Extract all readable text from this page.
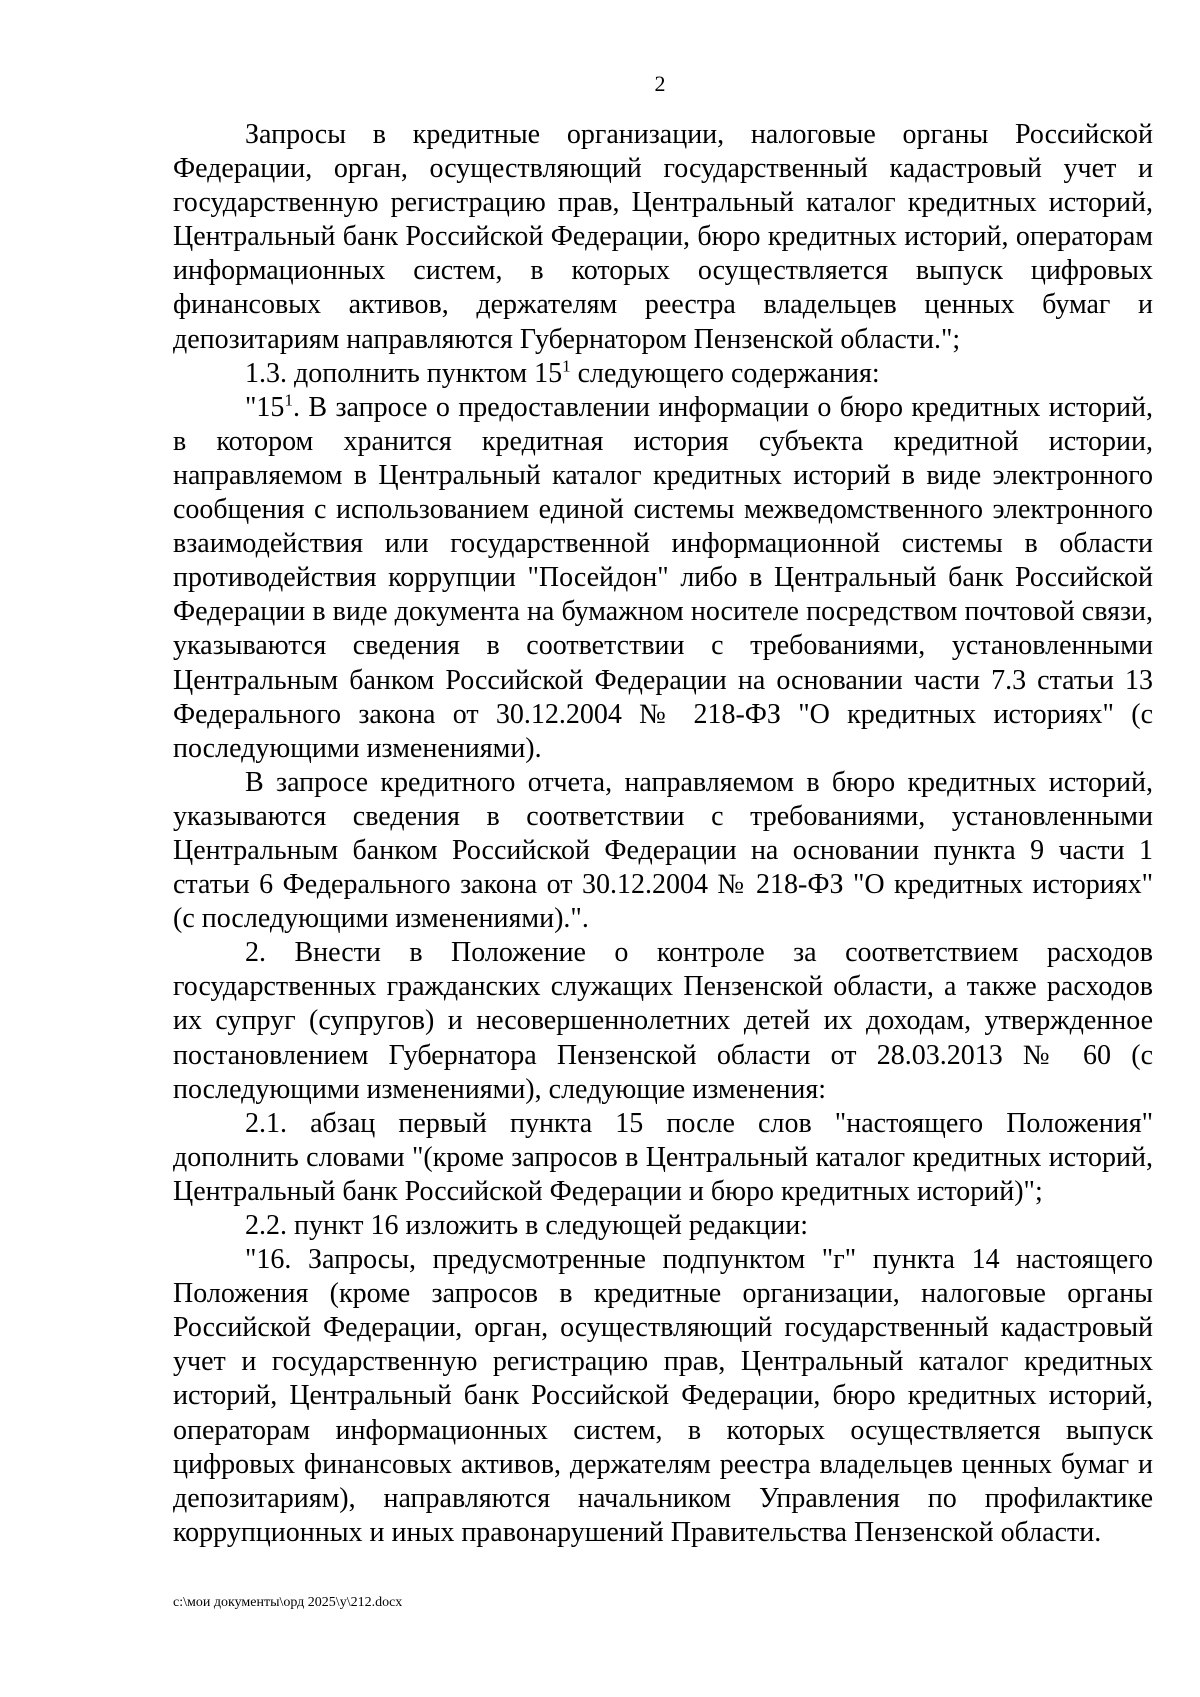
2

Запросы в кредитные организации, налоговые органы Российской Федерации, орган, осуществляющий государственный кадастровый учет и государственную регистрацию прав, Центральный каталог кредитных историй, Центральный банк Российской Федерации, бюро кредитных историй, операторам информационных систем, в которых осуществляется выпуск цифровых финансовых активов, держателям реестра владельцев ценных бумаг и депозитариям направляются Губернатором Пензенской области.";

1.3. дополнить пунктом $15^1$ следующего содержания:

"$15^1$. В запросе о предоставлении информации о бюро кредитных историй, в котором хранится кредитная история субъекта кредитной истории, направляемом в Центральный каталог кредитных историй в виде электронного сообщения с использованием единой системы межведомственного электронного взаимодействия или государственной информационной системы в области противодействия коррупции "Посейдон" либо в Центральный банк Российской Федерации в виде документа на бумажном носителе посредством почтовой связи, указываются сведения в соответствии с требованиями, установленными Центральным банком Российской Федерации на основании части 7.3 статьи 13 Федерального закона от 30.12.2004 № 218-ФЗ "О кредитных историях" (с последующими изменениями).

В запросе кредитного отчета, направляемом в бюро кредитных историй, указываются сведения в соответствии с требованиями, установленными Центральным банком Российской Федерации на основании пункта 9 части 1 статьи 6 Федерального закона от 30.12.2004 № 218-ФЗ "О кредитных историях" (с последующими изменениями).".

2. Внести в Положение о контроле за соответствием расходов государственных гражданских служащих Пензенской области, а также расходов их супруг (супругов) и несовершеннолетних детей их доходам, утвержденное постановлением Губернатора Пензенской области от 28.03.2013 № 60 (с последующими изменениями), следующие изменения:

2.1. абзац первый пункта 15 после слов "настоящего Положения" дополнить словами "(кроме запросов в Центральный каталог кредитных историй, Центральный банк Российской Федерации и бюро кредитных историй)";

2.2. пункт 16 изложить в следующей редакции:

"16. Запросы, предусмотренные подпунктом "г" пункта 14 настоящего Положения (кроме запросов в кредитные организации, налоговые органы Российской Федерации, орган, осуществляющий государственный кадастровый учет и государственную регистрацию прав, Центральный каталог кредитных историй, Центральный банк Российской Федерации, бюро кредитных историй, операторам информационных систем, в которых осуществляется выпуск цифровых финансовых активов, держателям реестра владельцев ценных бумаг и депозитариям), направляются начальником Управления по профилактике коррупционных и иных правонарушений Правительства Пензенской области.

c:\мои документы\орд 2025\у\212.docx
